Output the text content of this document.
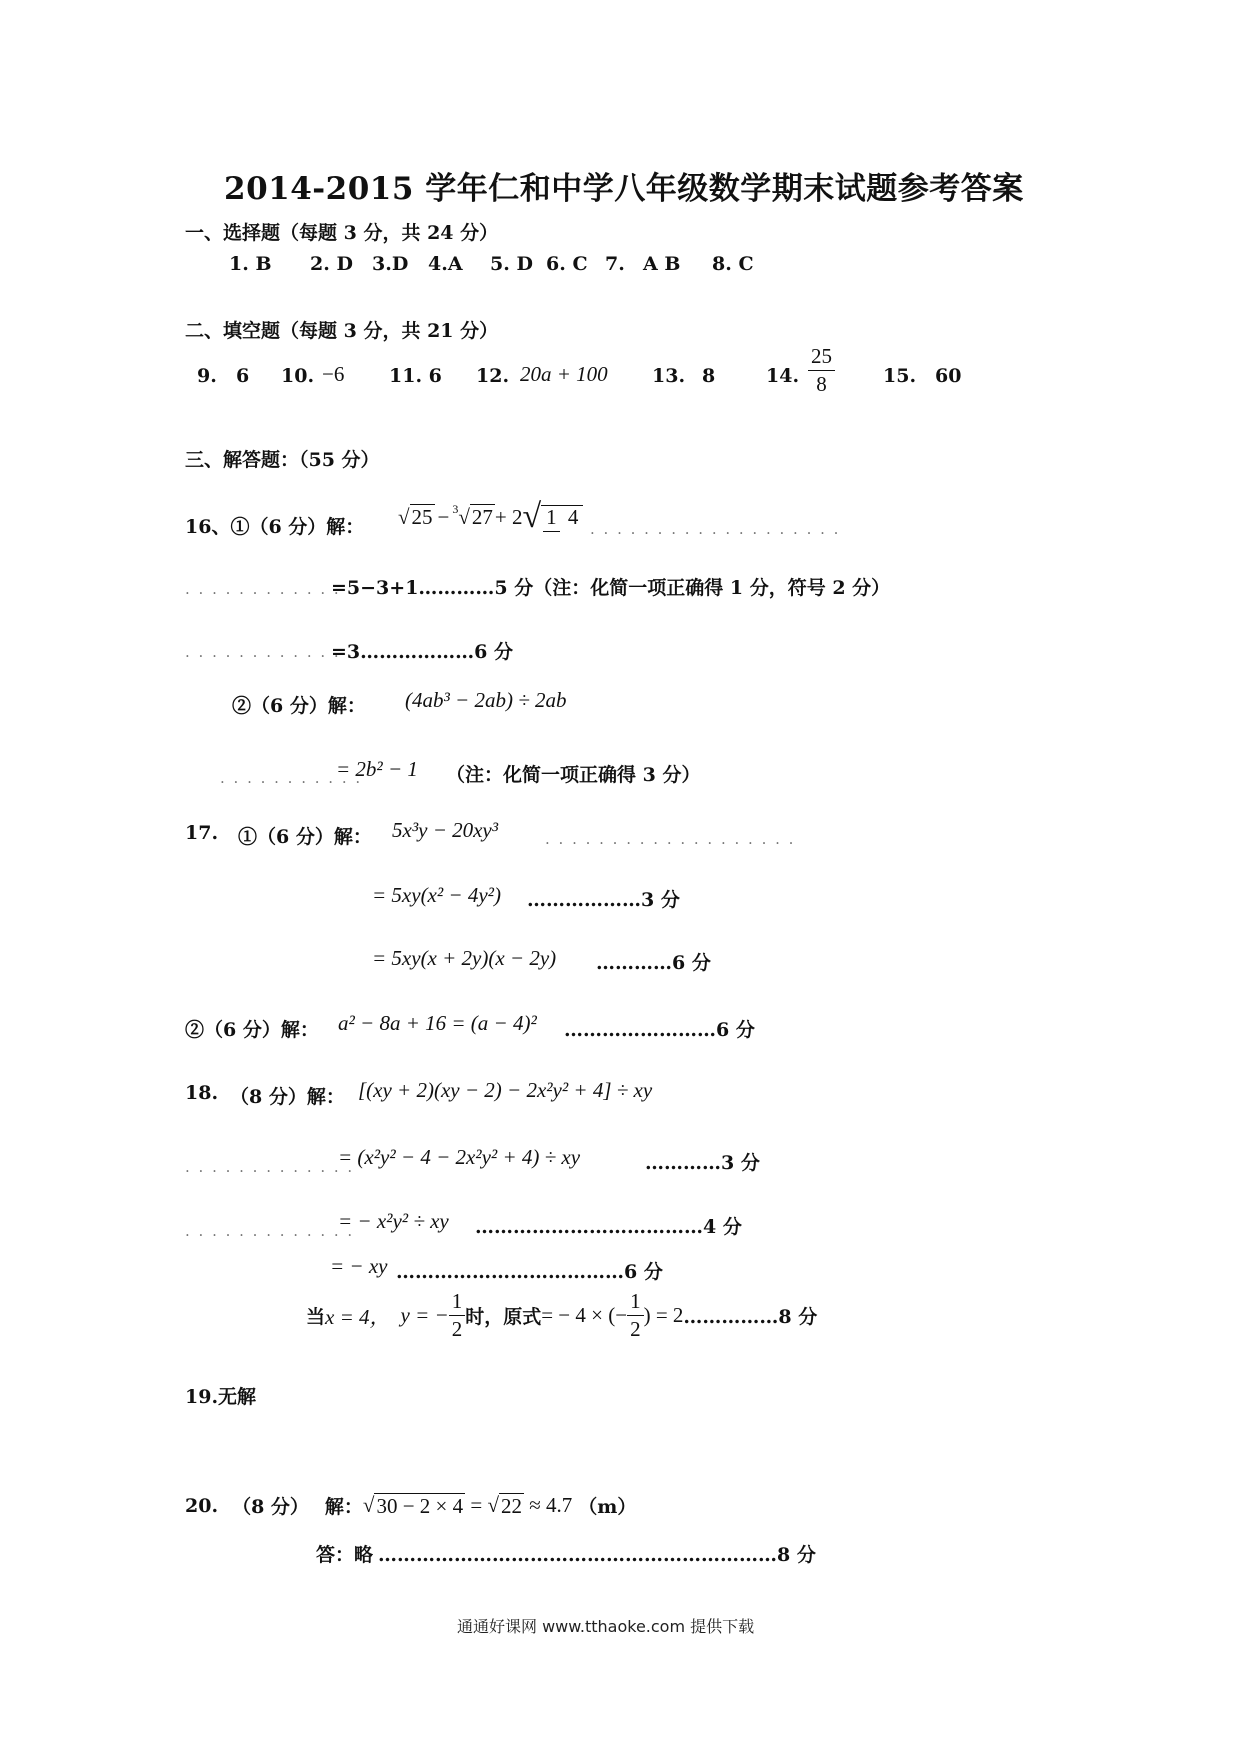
2014-2015 学年仁和中学八年级数学期末试题参考答案
一、选择题（每题 3 分，共 24 分）
1. B 2. D 3.D 4.A 5. D 6. C 7. A B 8. C
二、填空题（每题 3 分，共 21 分）
9. 6 10. −6 11. 6 12. 20a + 100 13. 8	14. $\frac{25}{8}$	15. 60
三、解答题：（55 分）
16、①（6 分）解： √ 25 − 3 √ 27 + 2 √ 1 4
. . . . . . . . . . . . . . . . . . .
. . . . . . . . . . . . .
=5−3+1…………5 分（注：化简一项正确得 1 分，符号 2 分）
. . . . . . . . . . . . .
=3………………6 分
②（6 分）解： (4ab³ − 2ab) ÷ 2ab
. . . . . . . . . . .
= 2b² − 1 （注：化简一项正确得 3 分）
17. ①（6 分）解： 5x³y − 20xy³	. . . . . . . . . . . . . . . . . . .
= 5xy(x² − 4y²) ………………3 分
= 5xy(x + 2y)(x − 2y) …………6 分
②（6 分）解： a² − 8a + 16 = (a − 4)² ……………………6 分
18. （8 分）解： [(xy + 2)(xy − 2) − 2x²y² + 4] ÷ xy
. . . . . . . . . . . . .
= (x²y² − 4 − 2x²y² + 4) ÷ xy	…………3 分
. . . . . . . . . . . . .
= − x²y² ÷ xy ………………………………4 分
= − xy ………………………………6 分
当 x = 4， y = − $\frac{1}{2}$ 时，原式 = − 4 × (− $\frac{1}{2}$ ) = 2 ……………8 分
19.无解
20. （8 分） 解： √ 30 − 2 × 4 = √ 22 ≈ 4.7 （m）
答：略 ………………………………………………………8 分
通通好课网 www.tthaoke.com 提供下载
